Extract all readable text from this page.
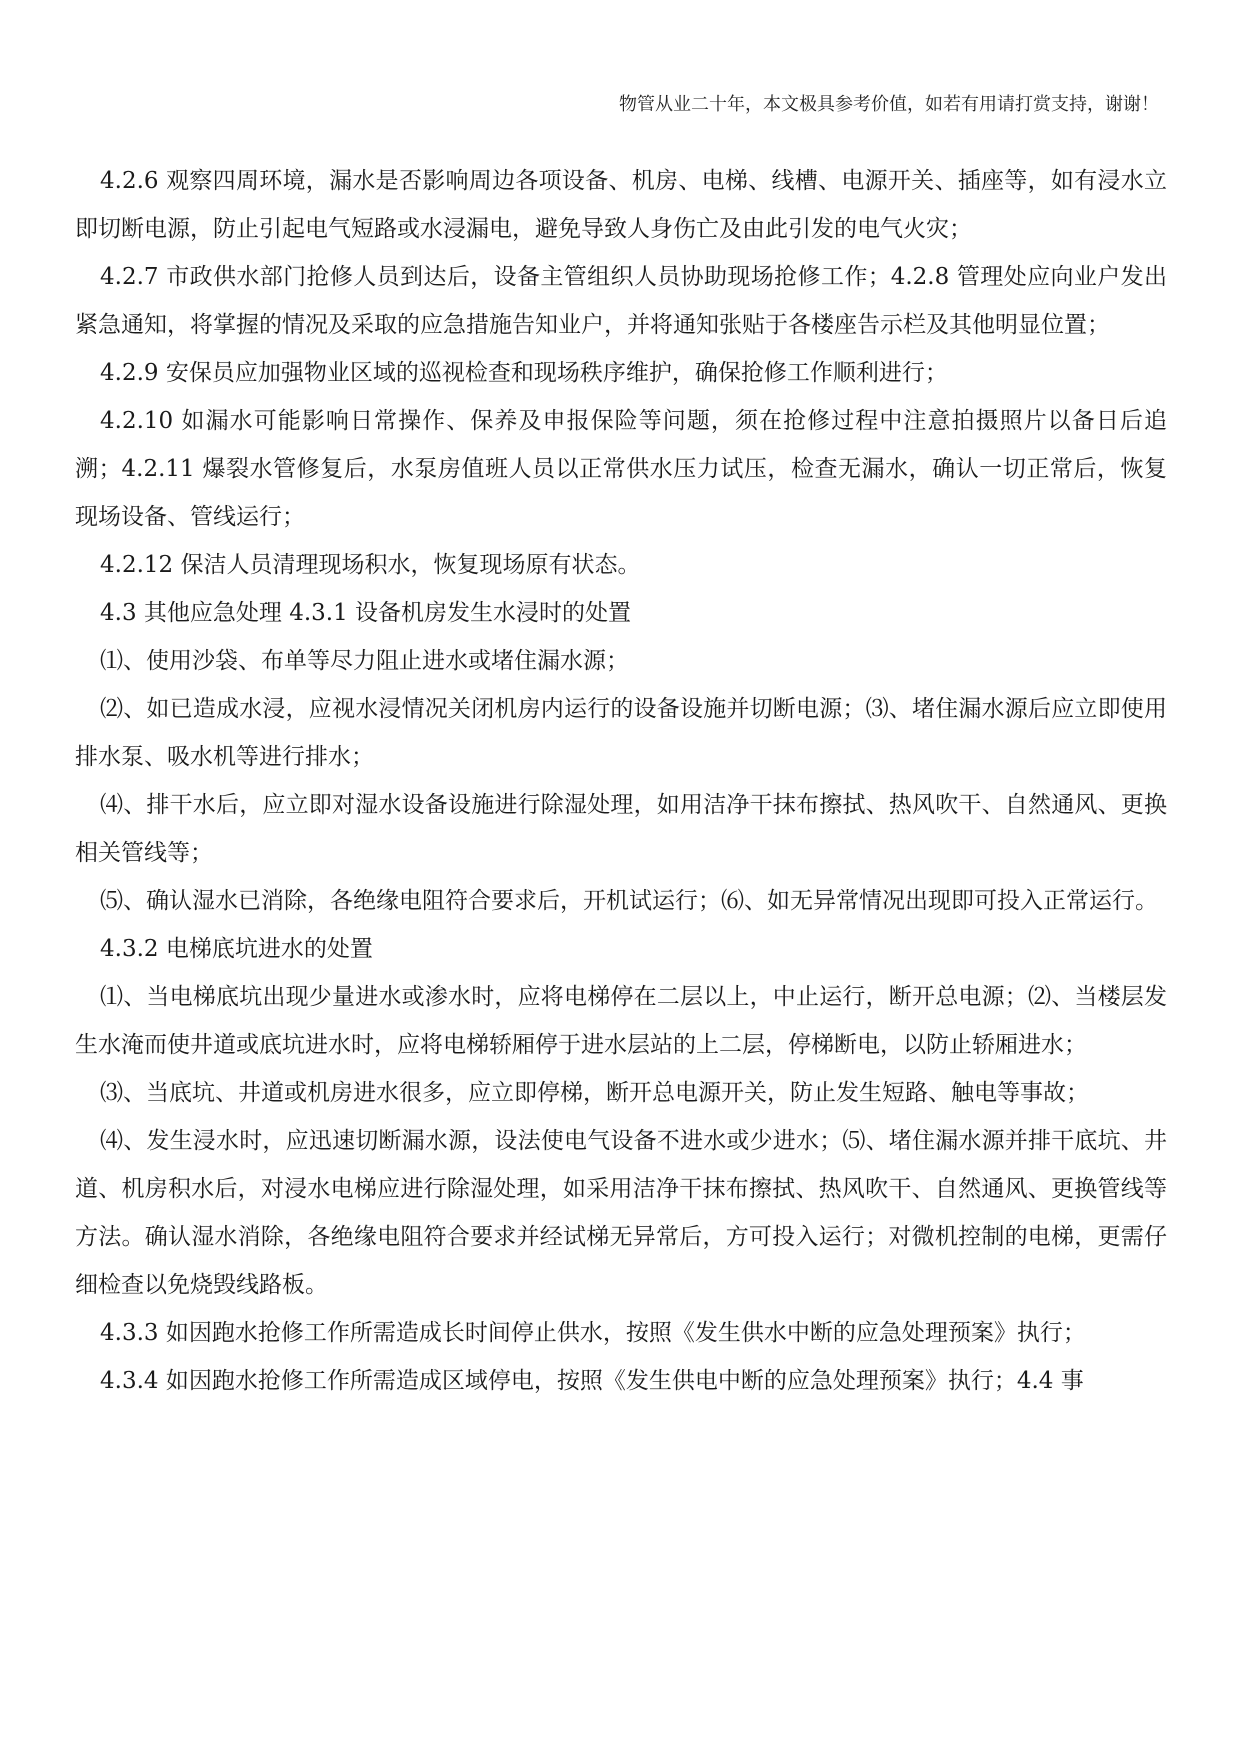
物管从业二十年，本文极具参考价值，如若有用请打赏支持，谢谢！

4.2.6 观察四周环境，漏水是否影响周边各项设备、机房、电梯、线槽、电源开关、插座等，如有浸水立即切断电源，防止引起电气短路或水浸漏电，避免导致人身伤亡及由此引发的电气火灾；

4.2.7 市政供水部门抢修人员到达后，设备主管组织人员协助现场抢修工作；4.2.8 管理处应向业户发出紧急通知，将掌握的情况及采取的应急措施告知业户，并将通知张贴于各楼座告示栏及其他明显位置；

4.2.9 安保员应加强物业区域的巡视检查和现场秩序维护，确保抢修工作顺利进行；

4.2.10 如漏水可能影响日常操作、保养及申报保险等问题，须在抢修过程中注意拍摄照片以备日后追溯；4.2.11 爆裂水管修复后，水泵房值班人员以正常供水压力试压，检查无漏水，确认一切正常后，恢复现场设备、管线运行；

4.2.12 保洁人员清理现场积水，恢复现场原有状态。

4.3 其他应急处理 4.3.1 设备机房发生水浸时的处置

⑴、使用沙袋、布单等尽力阻止进水或堵住漏水源；

⑵、如已造成水浸，应视水浸情况关闭机房内运行的设备设施并切断电源；⑶、堵住漏水源后应立即使用排水泵、吸水机等进行排水；

⑷、排干水后，应立即对湿水设备设施进行除湿处理，如用洁净干抹布擦拭、热风吹干、自然通风、更换相关管线等；

⑸、确认湿水已消除，各绝缘电阻符合要求后，开机试运行；⑹、如无异常情况出现即可投入正常运行。

4.3.2 电梯底坑进水的处置

⑴、当电梯底坑出现少量进水或渗水时，应将电梯停在二层以上，中止运行，断开总电源；⑵、当楼层发生水淹而使井道或底坑进水时，应将电梯轿厢停于进水层站的上二层，停梯断电，以防止轿厢进水；

⑶、当底坑、井道或机房进水很多，应立即停梯，断开总电源开关，防止发生短路、触电等事故；

⑷、发生浸水时，应迅速切断漏水源，设法使电气设备不进水或少进水；⑸、堵住漏水源并排干底坑、井道、机房积水后，对浸水电梯应进行除湿处理，如采用洁净干抹布擦拭、热风吹干、自然通风、更换管线等方法。确认湿水消除，各绝缘电阻符合要求并经试梯无异常后，方可投入运行；对微机控制的电梯，更需仔细检查以免烧毁线路板。

4.3.3 如因跑水抢修工作所需造成长时间停止供水，按照《发生供水中断的应急处理预案》执行；

4.3.4 如因跑水抢修工作所需造成区域停电，按照《发生供电中断的应急处理预案》执行；4.4 事
